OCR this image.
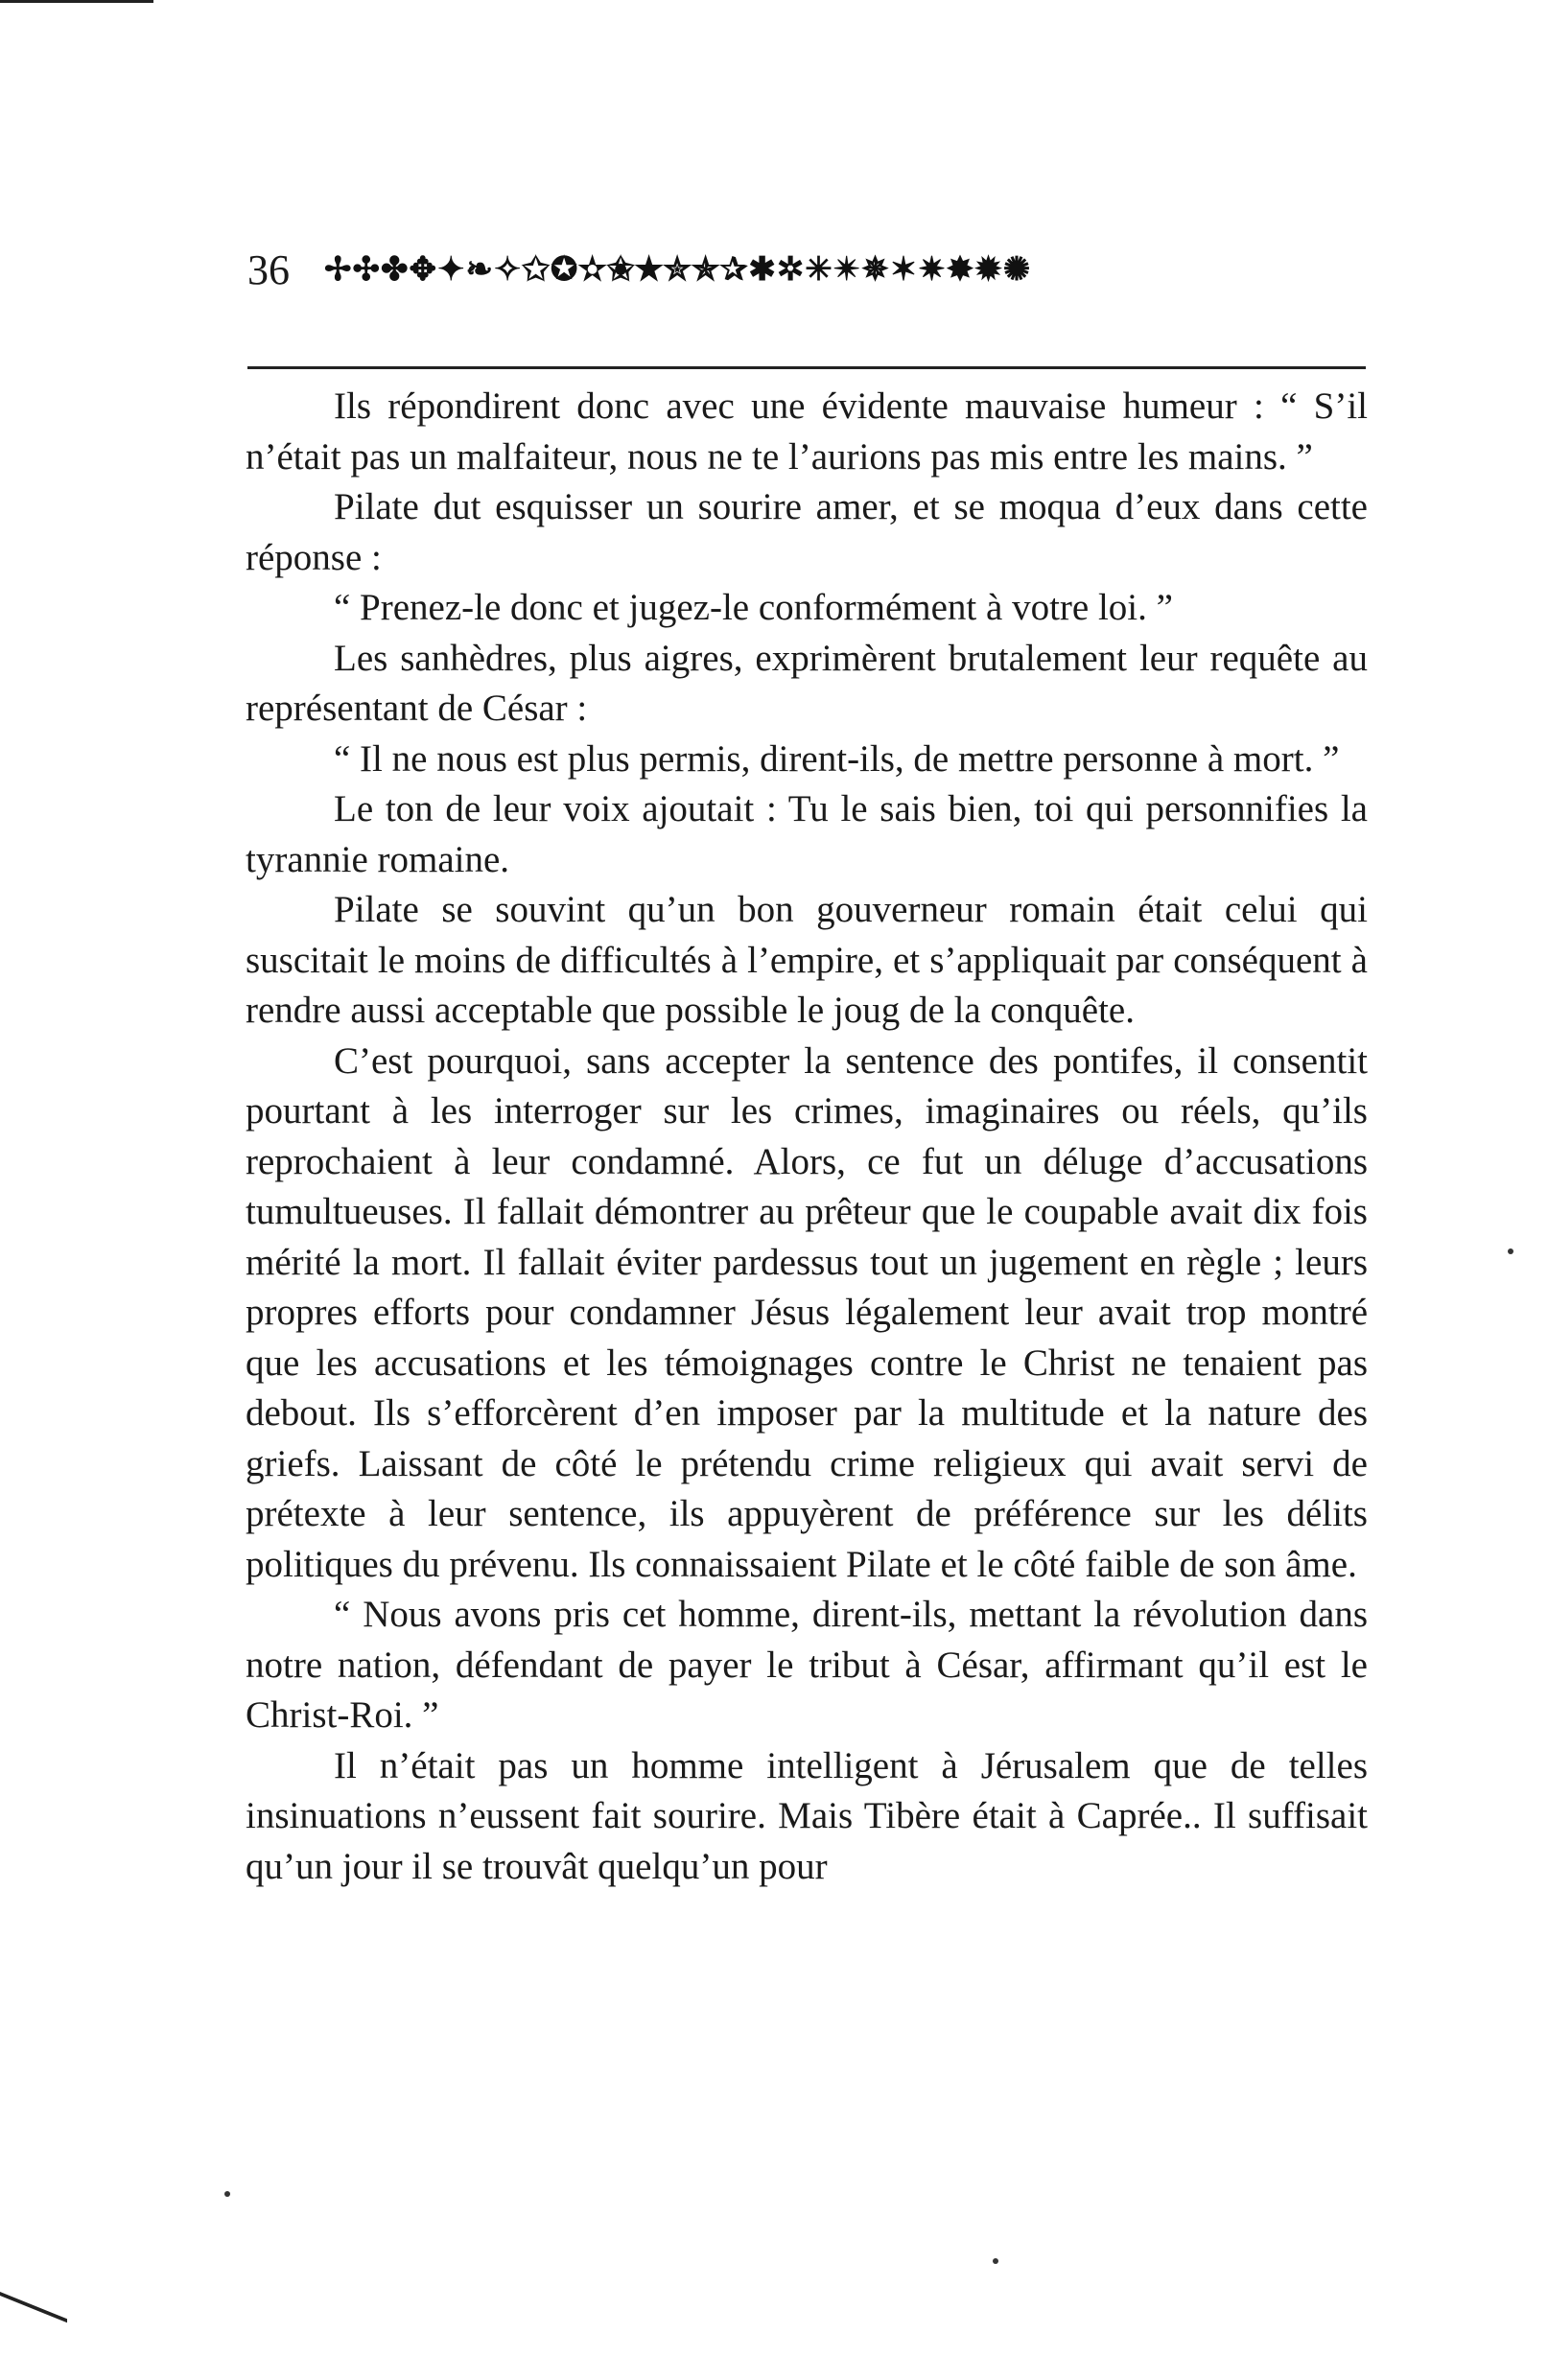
36 ✢✣✤✥✦❧✧✩✪✫✬✭✮✯✰✱✲✳✴✵✶✷✸✹✺

Ils répondirent donc avec une évidente mauvaise humeur : “ S’il n’était pas un malfaiteur, nous ne te l’aurions pas mis entre les mains. ”

Pilate dut esquisser un sourire amer, et se moqua d’eux dans cette réponse :

“ Prenez-le donc et jugez-le conformément à votre loi. ”

Les sanhèdres, plus aigres, exprimèrent brutalement leur requête au représentant de César :

“ Il ne nous est plus permis, dirent-ils, de mettre personne à mort. ”

Le ton de leur voix ajoutait : Tu le sais bien, toi qui personnifies la tyrannie romaine.

Pilate se souvint qu’un bon gouverneur romain était celui qui suscitait le moins de difficultés à l’empire, et s’appliquait par conséquent à rendre aussi acceptable que possible le joug de la conquête.

C’est pourquoi, sans accepter la sentence des pontifes, il consentit pourtant à les interroger sur les crimes, imaginaires ou réels, qu’ils reprochaient à leur condamné. Alors, ce fut un déluge d’accusations tumultueuses. Il fallait démontrer au prêteur que le coupable avait dix fois mérité la mort. Il fallait éviter pardessus tout un jugement en règle ; leurs propres efforts pour condamner Jésus légalement leur avait trop montré que les accusations et les témoignages contre le Christ ne tenaient pas debout. Ils s’efforcèrent d’en imposer par la multitude et la nature des griefs. Laissant de côté le prétendu crime religieux qui avait servi de prétexte à leur sentence, ils appuyèrent de préférence sur les délits politiques du prévenu. Ils connaissaient Pilate et le côté faible de son âme.

“ Nous avons pris cet homme, dirent-ils, mettant la révolution dans notre nation, défendant de payer le tribut à César, affirmant qu’il est le Christ-Roi. ”

Il n’était pas un homme intelligent à Jérusalem que de telles insinuations n’eussent fait sourire. Mais Tibère était à Caprée.. Il suffisait qu’un jour il se trouvât quelqu’un pour
